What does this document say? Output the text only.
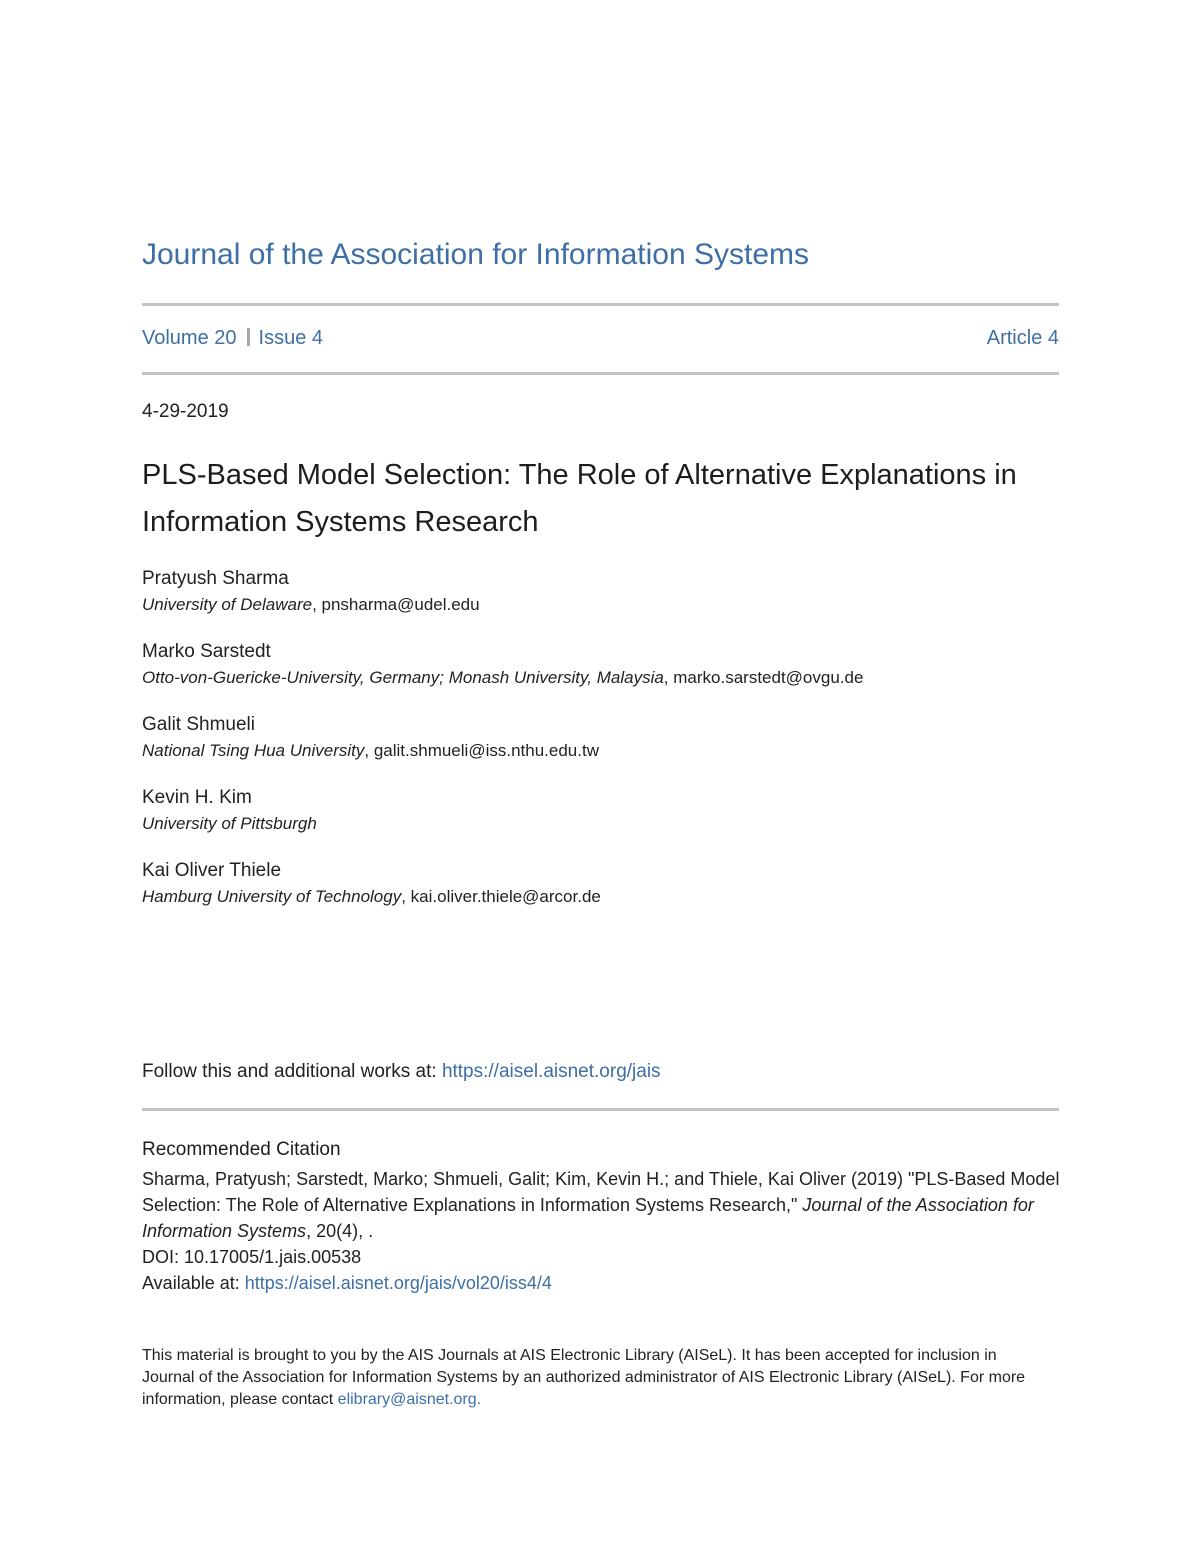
Journal of the Association for Information Systems
Volume 20 Issue 4	Article 4
4-29-2019
PLS-Based Model Selection: The Role of Alternative Explanations in Information Systems Research
Pratyush Sharma
University of Delaware, pnsharma@udel.edu
Marko Sarstedt
Otto-von-Guericke-University, Germany; Monash University, Malaysia, marko.sarstedt@ovgu.de
Galit Shmueli
National Tsing Hua University, galit.shmueli@iss.nthu.edu.tw
Kevin H. Kim
University of Pittsburgh
Kai Oliver Thiele
Hamburg University of Technology, kai.oliver.thiele@arcor.de
Follow this and additional works at: https://aisel.aisnet.org/jais
Recommended Citation
Sharma, Pratyush; Sarstedt, Marko; Shmueli, Galit; Kim, Kevin H.; and Thiele, Kai Oliver (2019) "PLS-Based Model Selection: The Role of Alternative Explanations in Information Systems Research," Journal of the Association for Information Systems, 20(4), .
DOI: 10.17005/1.jais.00538
Available at: https://aisel.aisnet.org/jais/vol20/iss4/4
This material is brought to you by the AIS Journals at AIS Electronic Library (AISeL). It has been accepted for inclusion in Journal of the Association for Information Systems by an authorized administrator of AIS Electronic Library (AISeL). For more information, please contact elibrary@aisnet.org.
